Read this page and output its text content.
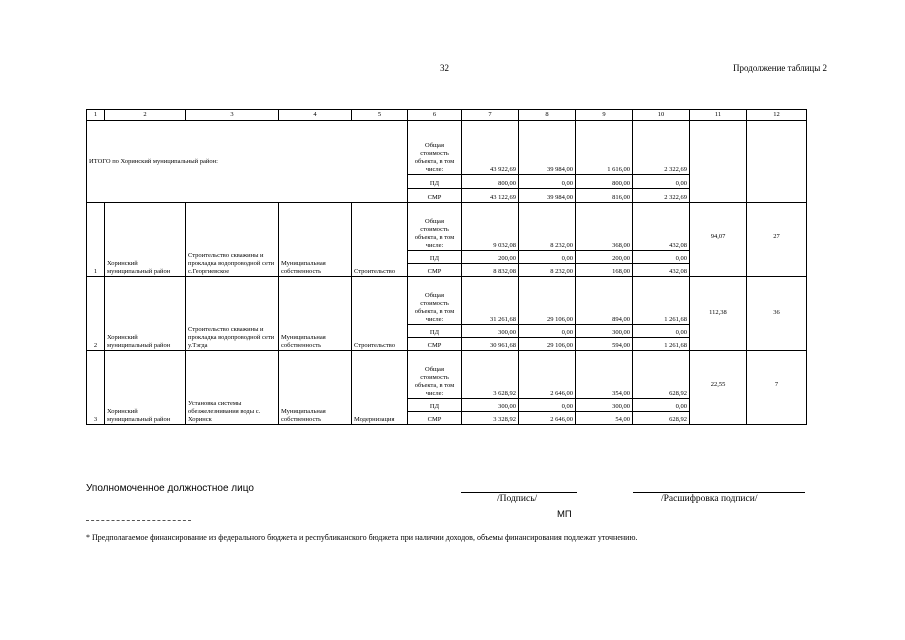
32	Продолжение таблицы 2
1	2	3	4	5	6	7	8	9	10	11	12
ИТОГО по Хоринский муниципальный район:					Общая стоимость объекта, в том числе:	43 922,69	39 984,00	1 616,00	2 322,69		
					ПД	800,00	0,00	800,00	0,00		
					СМР	43 122,69	39 984,00	816,00	2 322,69		
1	Хоринский муниципальный район	Строительство скважины и прокладка водопроводной сети с.Георгиевское	Муниципальная собственность	Строительство	Общая стоимость объекта, в том числе:	9 032,08	8 232,00	368,00	432,08	94,07	27
					ПД	200,00	0,00	200,00	0,00		
					СМР	8 832,08	8 232,00	168,00	432,08		
2	Хоринский муниципальный район	Строительство скважины и прокладка водопроводной сети у.Тэгда	Муниципальная собственность	Строительство	Общая стоимость объекта, в том числе:	31 261,68	29 106,00	894,00	1 261,68	112,38	36
					ПД	300,00	0,00	300,00	0,00		
					СМР	30 961,68	29 106,00	594,00	1 261,68		
3	Хоринский муниципальный район	Установка системы обезжелезнивания воды с. Хоринск	Муниципальная собственность	Модернизация	Общая стоимость объекта, в том числе:	3 628,92	2 646,00	354,00	628,92	22,55	7
					ПД	300,00	0,00	300,00	0,00		
					СМР	3 328,92	2 646,00	54,00	628,92		
Уполномоченное должностное лицо
/Подпись/	/Расшифровка подписи/
МП
* Предполагаемое финансирование из федерального бюджета и республиканского бюджета при наличии доходов, объемы финансирования подлежат уточнению.
